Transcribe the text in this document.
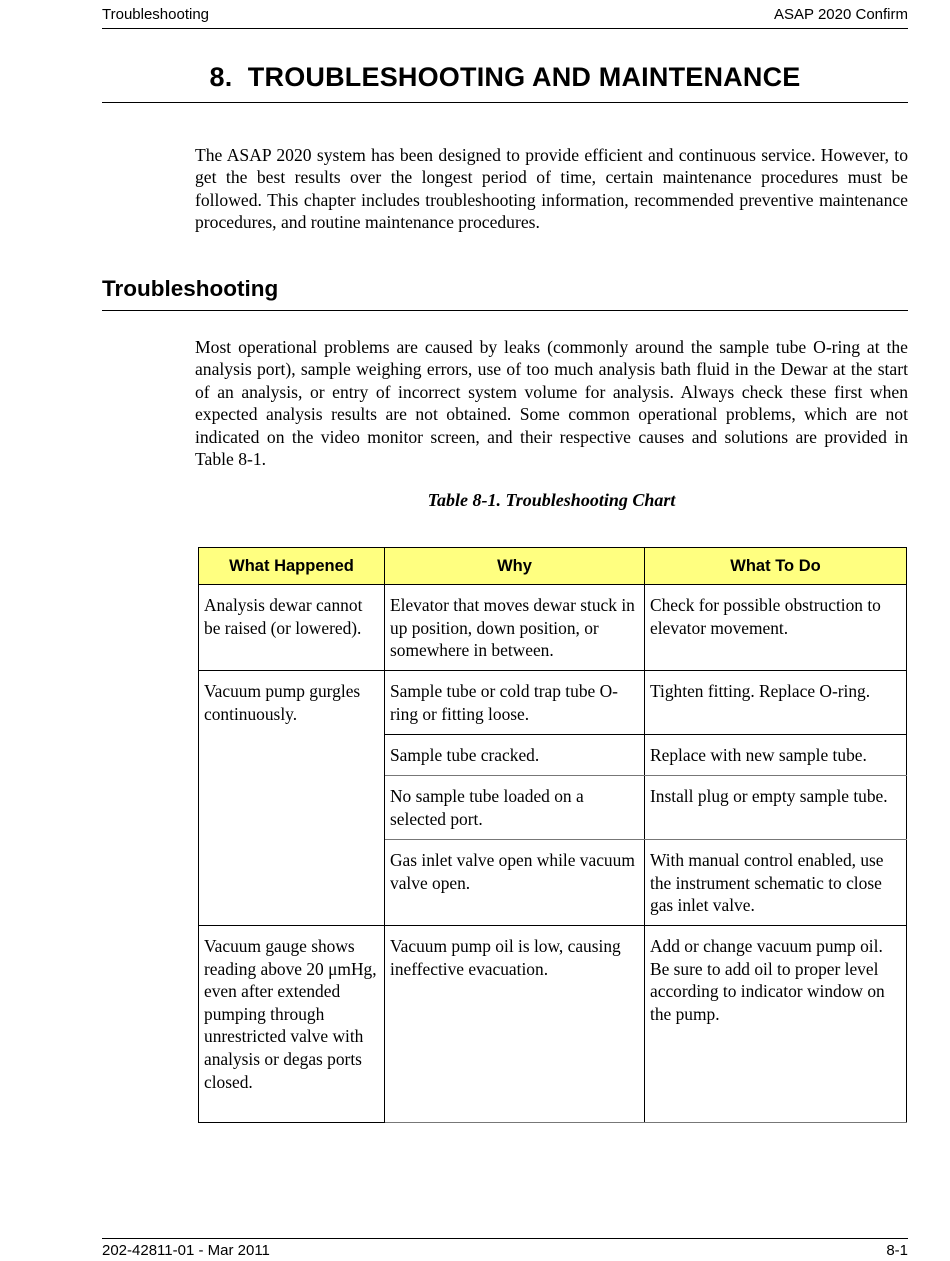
Troubleshooting	ASAP 2020 Confirm
8.  TROUBLESHOOTING AND MAINTENANCE
The ASAP 2020 system has been designed to provide efficient and continuous service. However, to get the best results over the longest period of time, certain maintenance procedures must be followed. This chapter includes troubleshooting information, recommended preventive maintenance procedures, and routine maintenance procedures.
Troubleshooting
Most operational problems are caused by leaks (commonly around the sample tube O-ring at the analysis port), sample weighing errors, use of too much analysis bath fluid in the Dewar at the start of an analysis, or entry of incorrect system volume for analysis. Always check these first when expected analysis results are not obtained. Some common operational problems, which are not indicated on the video monitor screen, and their respective causes and solutions are provided in Table 8-1.
Table 8-1. Troubleshooting Chart
What Happened	Why	What To Do
Analysis dewar cannot be raised (or lowered).	Elevator that moves dewar stuck in up position, down position, or somewhere in between.	Check for possible obstruction to elevator movement.
Vacuum pump gurgles continuously.	Sample tube or cold trap tube O-ring or fitting loose.	Tighten fitting. Replace O-ring.
	Sample tube cracked.	Replace with new sample tube.
	No sample tube loaded on a selected port.	Install plug or empty sample tube.
	Gas inlet valve open while vacuum valve open.	With manual control enabled, use the instrument schematic to close gas inlet valve.
Vacuum gauge shows reading above 20 μmHg, even after extended pumping through unrestricted valve with analysis or degas ports closed.	Vacuum pump oil is low, causing ineffective evacuation.	Add or change vacuum pump oil. Be sure to add oil to proper level according to indicator window on the pump.
202-42811-01 - Mar 2011	8-1
